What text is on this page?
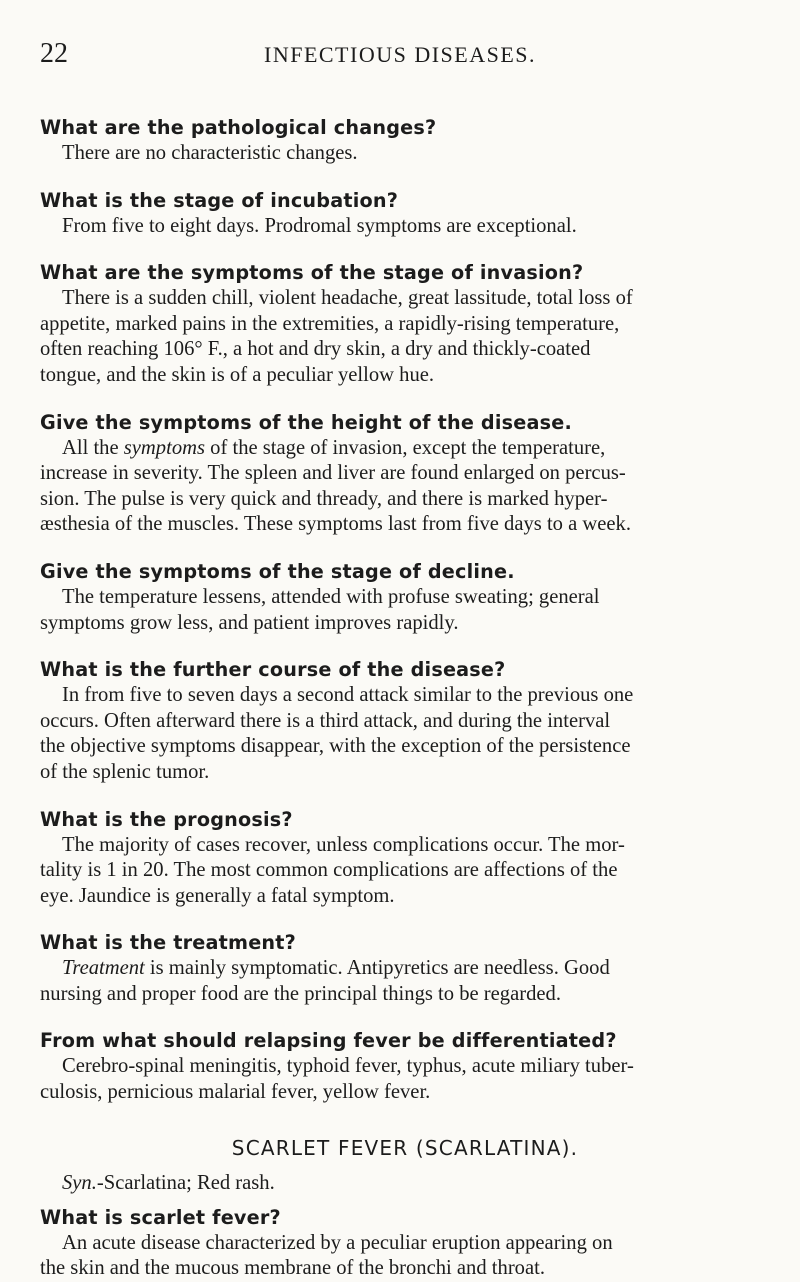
22	INFECTIOUS DISEASES.

What are the pathological changes?

There are no characteristic changes.

What is the stage of incubation?

From five to eight days. Prodromal symptoms are exceptional.

What are the symptoms of the stage of invasion?

There is a sudden chill, violent headache, great lassitude, total loss of
appetite, marked pains in the extremities, a rapidly-rising temperature,
often reaching 106° F., a hot and dry skin, a dry and thickly-coated
tongue, and the skin is of a peculiar yellow hue.

Give the symptoms of the height of the disease.

All the symptoms of the stage of invasion, except the temperature,
increase in severity. The spleen and liver are found enlarged on percus-
sion. The pulse is very quick and thready, and there is marked hyper-
æsthesia of the muscles. These symptoms last from five days to a week.

Give the symptoms of the stage of decline.

The temperature lessens, attended with profuse sweating; general
symptoms grow less, and patient improves rapidly.

What is the further course of the disease?

In from five to seven days a second attack similar to the previous one
occurs. Often afterward there is a third attack, and during the interval
the objective symptoms disappear, with the exception of the persistence
of the splenic tumor.

What is the prognosis?

The majority of cases recover, unless complications occur. The mor-
tality is 1 in 20. The most common complications are affections of the
eye. Jaundice is generally a fatal symptom.

What is the treatment?

Treatment is mainly symptomatic. Antipyretics are needless. Good
nursing and proper food are the principal things to be regarded.

From what should relapsing fever be differentiated?

Cerebro-spinal meningitis, typhoid fever, typhus, acute miliary tuber-
culosis, pernicious malarial fever, yellow fever.

SCARLET FEVER (SCARLATINA).

Syn.-Scarlatina; Red rash.

What is scarlet fever?

An acute disease characterized by a peculiar eruption appearing on
the skin and the mucous membrane of the bronchi and throat.
